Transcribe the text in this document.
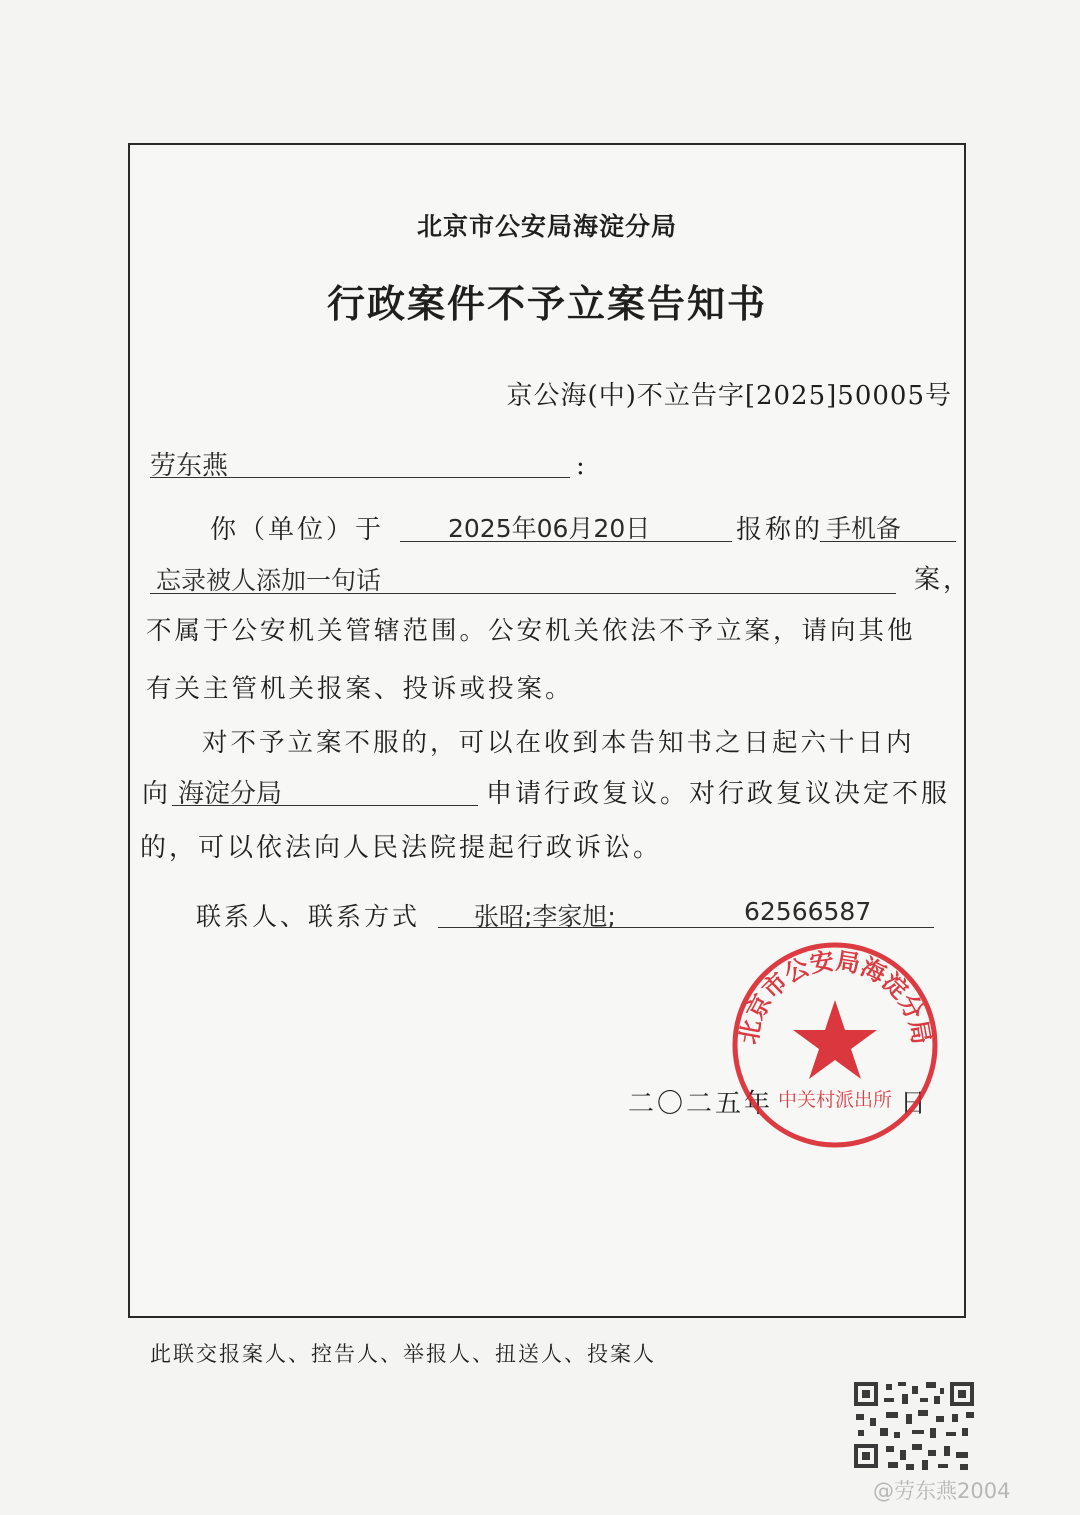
北京市公安局海淀分局
行政案件不予立案告知书
京公海(中)不立告字[2025]50005号
劳东燕	:
你（单位）于	2025年06月20日	报称的 手机备
忘录被人添加一句话	案，
不属于公安机关管辖范围。公安机关依法不予立案，请向其他
有关主管机关报案、投诉或投案。
对不予立案不服的，可以在收到本告知书之日起六十日内
向 海淀分局	申请行政复议。对行政复议决定不服
的，可以依法向人民法院提起行政诉讼。
联系人、联系方式 张昭;李家旭;	62566587
二〇二五年	日
北京市公安局海淀分局
中关村派出所
此联交报案人、控告人、举报人、扭送人、投案人
@劳东燕2004
